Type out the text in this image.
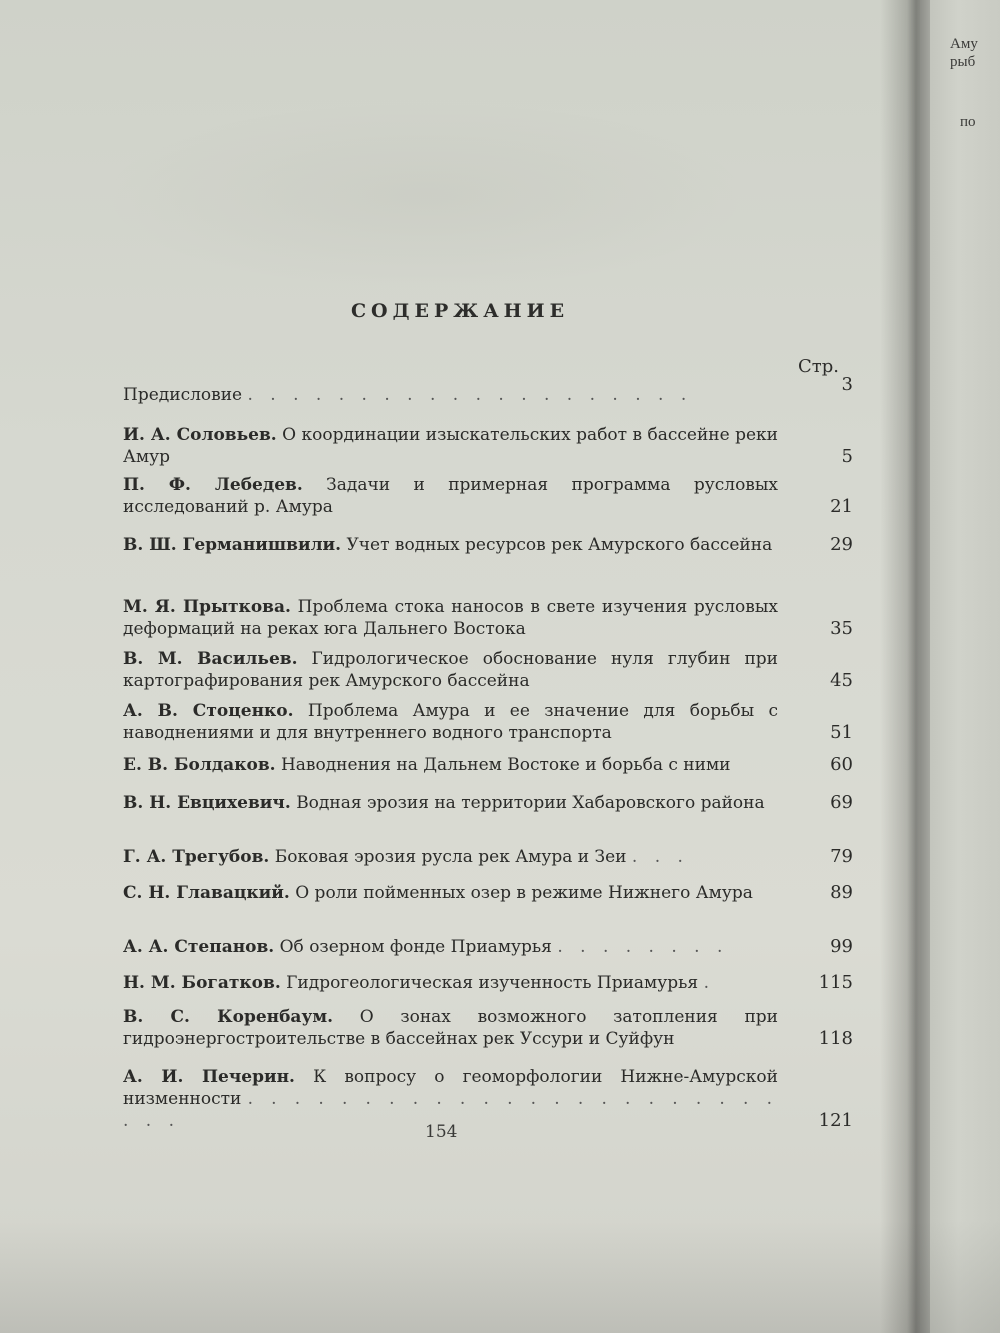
Аму
рыб
по
СОДЕРЖАНИЕ
Стр.
Предисловие . . . . . . . . . . . . . . . . . . . .	3
И. А. Соловьев. О координации изыскательских работ в бассейне реки Амур	5
П. Ф. Лебедев. Задачи и примерная программа русловых исследований р. Амура	21
В. Ш. Германишвили. Учет водных ресурсов рек Амурского бассейна	29
М. Я. Прыткова. Проблема стока наносов в свете изучения русловых деформаций на реках юга Дальнего Востока	35
В. М. Васильев. Гидрологическое обоснование нуля глубин при картографирования рек Амурского бассейна	45
А. В. Стоценко. Проблема Амура и ее значение для борьбы с наводнениями и для внутреннего водного транспорта	51
Е. В. Болдаков. Наводнения на Дальнем Востоке и борьба с ними	60
В. Н. Евцихевич. Водная эрозия на территории Хабаровского района	69
Г. А. Трегубов. Боковая эрозия русла рек Амура и Зеи . . .	79
С. Н. Главацкий. О роли пойменных озер в режиме Нижнего Амура	89
А. А. Степанов. Об озерном фонде Приамурья . . . . . . . .	99
Н. М. Богатков. Гидрогеологическая изученность Приамурья .	115
В. С. Коренбаум. О зонах возможного затопления при гидроэнергостроительстве в бассейнах рек Уссури и Суйфун	118
А. И. Печерин. К вопросу о геоморфологии Нижне-Амурской низменности . . . . . . . . . . . . . . . . . . . . . . . . . .	121
154
